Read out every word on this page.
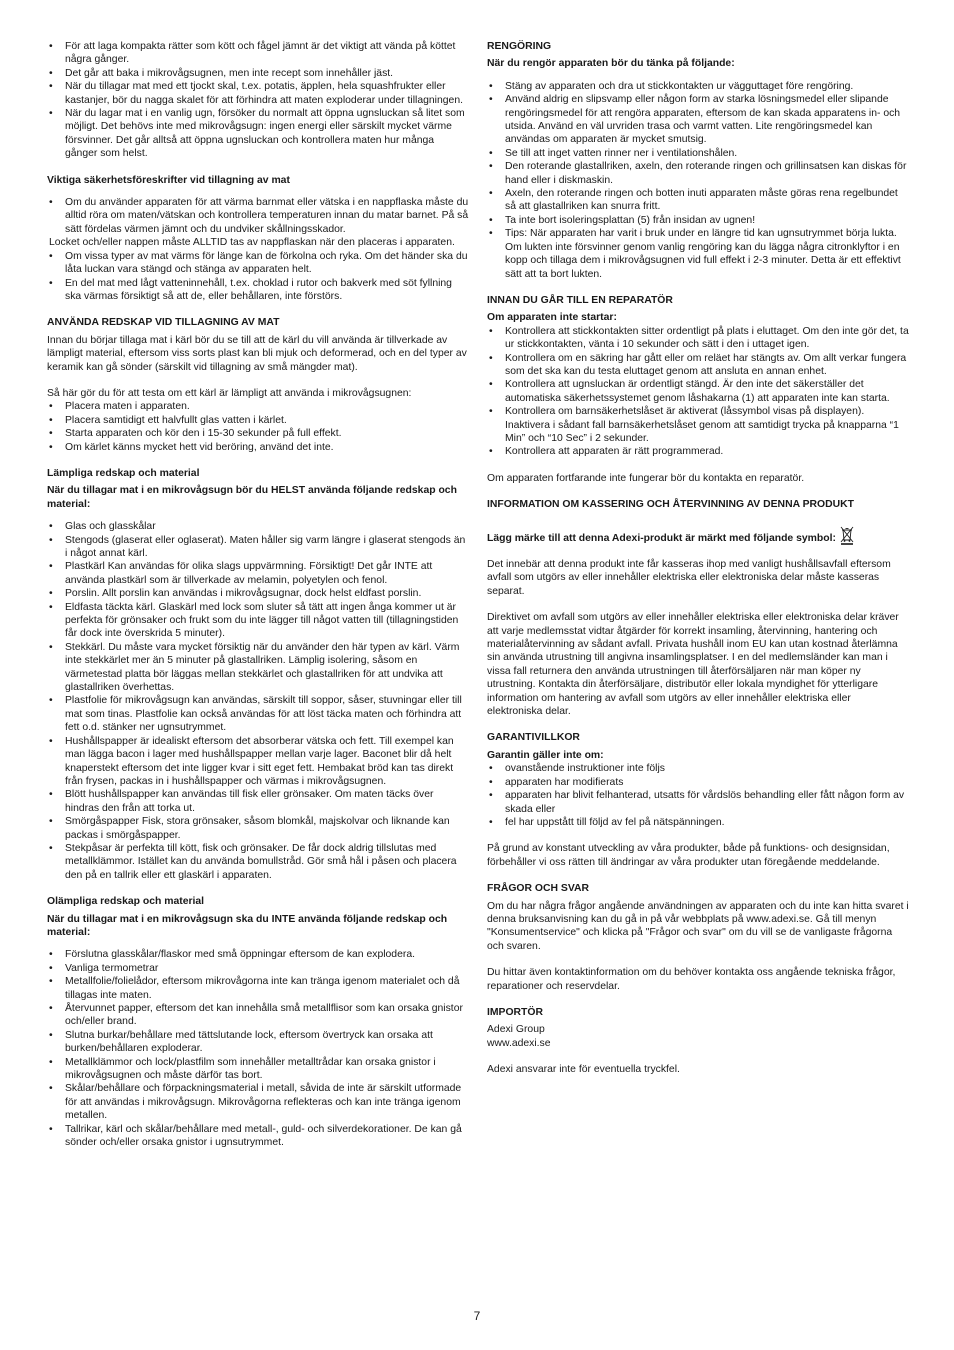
• För att laga kompakta rätter som kött och fågel jämnt är det viktigt att vända på köttet några gånger.
• Det går att baka i mikrovågsugnen, men inte recept som innehåller jäst.
• När du tillagar mat med ett tjockt skal, t.ex. potatis, äpplen, hela squashfrukter eller kastanjer, bör du nagga skalet för att förhindra att maten exploderar under tillagningen.
• När du lagar mat i en vanlig ugn, försöker du normalt att öppna ugnsluckan så litet som möjligt. Det behövs inte med mikrovågsugn: ingen energi eller särskilt mycket värme försvinner. Det går alltså att öppna ugnsluckan och kontrollera maten hur många gånger som helst.

Viktiga säkerhetsföreskrifter vid tillagning av mat

• Om du använder apparaten för att värma barnmat eller vätska i en nappflaska måste du alltid röra om maten/vätskan och kontrollera temperaturen innan du matar barnet. På så sätt fördelas värmen jämnt och du undviker skållningsskador.
Locket och/eller nappen måste ALLTID tas av nappflaskan när den placeras i apparaten.
• Om vissa typer av mat värms för länge kan de förkolna och ryka. Om det händer ska du låta luckan vara stängd och stänga av apparaten helt.
• En del mat med lågt vatteninnehåll, t.ex. choklad i rutor och bakverk med söt fyllning ska värmas försiktigt så att de, eller behållaren, inte förstörs.

ANVÄNDA REDSKAP VID TILLAGNING AV MAT

Innan du börjar tillaga mat i kärl bör du se till att de kärl du vill använda är tillverkade av lämpligt material, eftersom viss sorts plast kan bli mjuk och deformerad, och en del typer av keramik kan gå sönder (särskilt vid tillagning av små mängder mat).

Så här gör du för att testa om ett kärl är lämpligt att använda i mikrovågsugnen:

• Placera maten i apparaten.
• Placera samtidigt ett halvfullt glas vatten i kärlet.
• Starta apparaten och kör den i 15-30 sekunder på full effekt.
• Om kärlet känns mycket hett vid beröring, använd det inte.

Lämpliga redskap och material

När du tillagar mat i en mikrovågsugn bör du HELST använda följande redskap och material:

• Glas och glasskålar
• Stengods (glaserat eller oglaserat). Maten håller sig varm längre i glaserat stengods än i något annat kärl.
• Plastkärl Kan användas för olika slags uppvärmning. Försiktigt! Det går INTE att använda plastkärl som är tillverkade av melamin, polyetylen och fenol.
• Porslin. Allt porslin kan användas i mikrovågsugnar, dock helst eldfast porslin.
• Eldfasta täckta kärl. Glaskärl med lock som sluter så tätt att ingen ånga kommer ut är perfekta för grönsaker och frukt som du inte lägger till något vatten till (tillagningstiden får dock inte överskrida 5 minuter).
• Stekkärl. Du måste vara mycket försiktig när du använder den här typen av kärl. Värm inte stekkärlet mer än 5 minuter på glastallriken. Lämplig isolering, såsom en värmetestad platta bör läggas mellan stekkärlet och glastallriken för att undvika att glastallriken överhettas.
• Plastfolie för mikrovågsugn kan användas, särskilt till soppor, såser, stuvningar eller till mat som tinas. Plastfolie kan också användas för att löst täcka maten och förhindra att fett o.d. stänker ner ugnsutrymmet.
• Hushållspapper är idealiskt eftersom det absorberar vätska och fett. Till exempel kan man lägga bacon i lager med hushållspapper mellan varje lager. Baconet blir då helt knaperstekt eftersom det inte ligger kvar i sitt eget fett. Hembakat bröd kan tas direkt från frysen, packas in i hushållspapper och värmas i mikrovågsugnen.
• Blött hushållspapper kan användas till fisk eller grönsaker. Om maten täcks över hindras den från att torka ut.
• Smörgåspapper Fisk, stora grönsaker, såsom blomkål, majskolvar och liknande kan packas i smörgåspapper.
• Stekpåsar är perfekta till kött, fisk och grönsaker. De får dock aldrig tillslutas med metallklämmor. Istället kan du använda bomullstråd. Gör små hål i påsen och placera den på en tallrik eller ett glaskärl i apparaten.

Olämpliga redskap och material

När du tillagar mat i en mikrovågsugn ska du INTE använda följande redskap och material:

• Förslutna glasskålar/flaskor med små öppningar eftersom de kan explodera.
• Vanliga termometrar
• Metallfolie/folielådor, eftersom mikrovågorna inte kan tränga igenom materialet och då tillagas inte maten.
• Återvunnet papper, eftersom det kan innehålla små metallflisor som kan orsaka gnistor och/eller brand.
• Slutna burkar/behållare med tättslutande lock, eftersom övertryck kan orsaka att burken/behållaren exploderar.
• Metallklämmor och lock/plastfilm som innehåller metalltrådar kan orsaka gnistor i mikrovågsugnen och måste därför tas bort.
• Skålar/behållare och förpackningsmaterial i metall, såvida de inte är särskilt utformade för att användas i mikrovågsugn. Mikrovågorna reflekteras och kan inte tränga igenom metallen.
• Tallrikar, kärl och skålar/behållare med metall-, guld- och silverdekorationer. De kan gå sönder och/eller orsaka gnistor i ugnsutrymmet.

RENGÖRING

När du rengör apparaten bör du tänka på följande:

• Stäng av apparaten och dra ut stickkontakten ur vägguttaget före rengöring.
• Använd aldrig en slipsvamp eller någon form av starka lösningsmedel eller slipande rengöringsmedel för att rengöra apparaten, eftersom de kan skada apparatens in- och utsida. Använd en väl urvriden trasa och varmt vatten. Lite rengöringsmedel kan användas om apparaten är mycket smutsig.
• Se till att inget vatten rinner ner i ventilationshålen.
• Den roterande glastallriken, axeln, den roterande ringen och grillinsatsen kan diskas för hand eller i diskmaskin.
• Axeln, den roterande ringen och botten inuti apparaten måste göras rena regelbundet så att glastallriken kan snurra fritt.
• Ta inte bort isoleringsplattan (5) från insidan av ugnen!
• Tips: När apparaten har varit i bruk under en längre tid kan ugnsutrymmet börja lukta. Om lukten inte försvinner genom vanlig rengöring kan du lägga några citronklyftor i en kopp och tillaga dem i mikrovågsugnen vid full effekt i 2-3 minuter. Detta är ett effektivt sätt att ta bort lukten.

INNAN DU GÅR TILL EN REPARATÖR

Om apparaten inte startar:

• Kontrollera att stickkontakten sitter ordentligt på plats i eluttaget. Om den inte gör det, ta ur stickkontakten, vänta i 10 sekunder och sätt i den i uttaget igen.
• Kontrollera om en säkring har gått eller om reläet har stängts av. Om allt verkar fungera som det ska kan du testa eluttaget genom att ansluta en annan enhet.
• Kontrollera att ugnsluckan är ordentligt stängd. Är den inte det säkerställer det automatiska säkerhetssystemet genom låshakarna (1) att apparaten inte kan starta.
• Kontrollera om barnsäkerhetslåset är aktiverat (låssymbol visas på displayen). Inaktivera i sådant fall barnsäkerhetslåset genom att samtidigt trycka på knapparna “1 Min” och “10 Sec” i 2 sekunder.
• Kontrollera att apparaten är rätt programmerad.

Om apparaten fortfarande inte fungerar bör du kontakta en reparatör.

INFORMATION OM KASSERING OCH ÅTERVINNING AV DENNA PRODUKT

Lägg märke till att denna Adexi-produkt är märkt med följande symbol:

Det innebär att denna produkt inte får kasseras ihop med vanligt hushållsavfall eftersom avfall som utgörs av eller innehåller elektriska eller elektroniska delar måste kasseras separat.

Direktivet om avfall som utgörs av eller innehåller elektriska eller elektroniska delar kräver att varje medlemsstat vidtar åtgärder för korrekt insamling, återvinning, hantering och materialåtervinning av sådant avfall. Privata hushåll inom EU kan utan kostnad återlämna sin använda utrustning till angivna insamlingsplatser. I en del medlemsländer kan man i vissa fall returnera den använda utrustningen till återförsäljaren när man köper ny utrustning. Kontakta din återförsäljare, distributör eller lokala myndighet för ytterligare information om hantering av avfall som utgörs av eller innehåller elektriska eller elektroniska delar.

GARANTIVILLKOR

Garantin gäller inte om:

• ovanstående instruktioner inte följs
• apparaten har modifierats
• apparaten har blivit felhanterad, utsatts för vårdslös behandling eller fått någon form av skada eller
• fel har uppstått till följd av fel på nätspänningen.

På grund av konstant utveckling av våra produkter, både på funktions- och designsidan, förbehåller vi oss rätten till ändringar av våra produkter utan föregående meddelande.

FRÅGOR OCH SVAR

Om du har några frågor angående användningen av apparaten och du inte kan hitta svaret i denna bruksanvisning kan du gå in på vår webbplats på www.adexi.se. Gå till menyn "Konsumentservice" och klicka på "Frågor och svar" om du vill se de vanligaste frågorna och svaren.

Du hittar även kontaktinformation om du behöver kontakta oss angående tekniska frågor, reparationer och reservdelar.

IMPORTÖR

Adexi Group

www.adexi.se

Adexi ansvarar inte för eventuella tryckfel.

7
